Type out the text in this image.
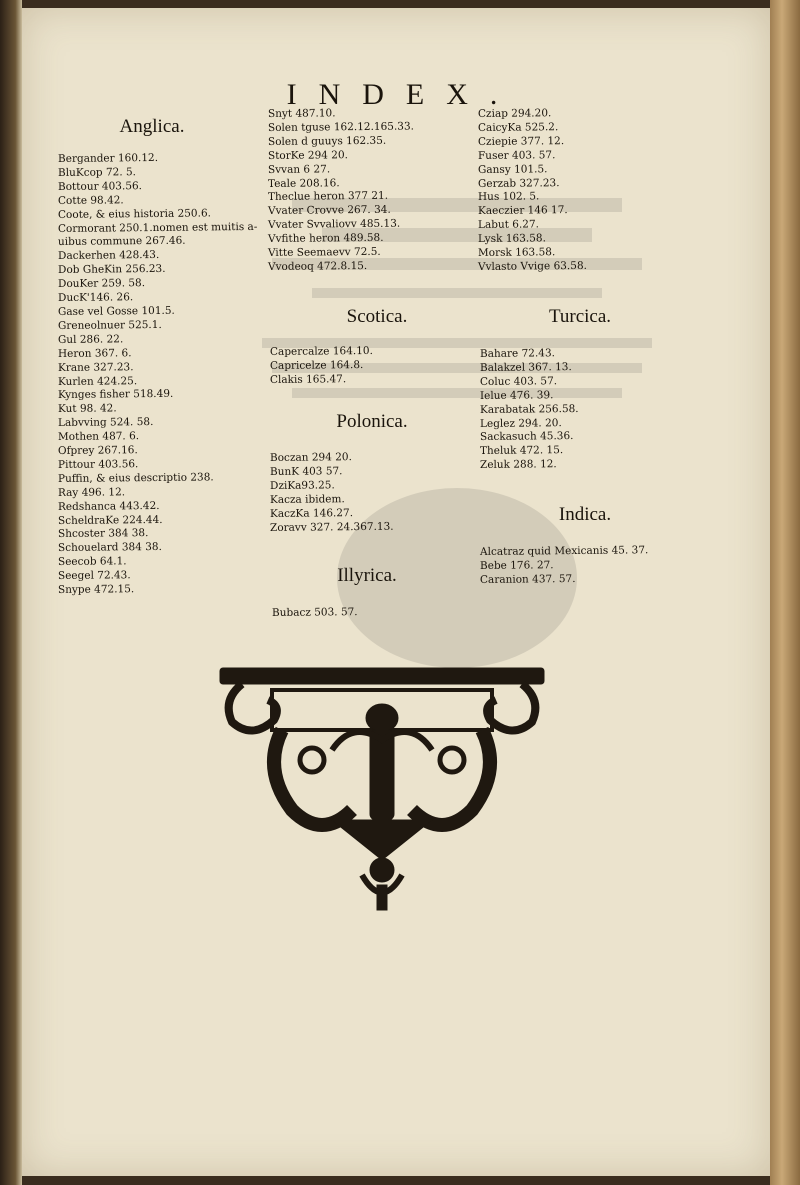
INDEX.
Anglica.
Bergander 160.12.
BluKcop 72. 5.
Bottour 403.56.
Cotte 98.42.
Coote, & eius historia 250.6.
Cormorant 250.1.nomen est muitis a-
uibus commune 267.46.
Dackerhen 428.43.
Dob GheKin 256.23.
DouKer 259. 58.
DucK'146. 26.
Gase vel Gosse 101.5.
Greneolnuer 525.1.
Gul 286. 22.
Heron 367. 6.
Krane 327.23.
Kurlen 424.25.
Kynges fisher 518.49.
Kut 98. 42.
Labvving 524. 58.
Mothen 487. 6.
Ofprey 267.16.
Pittour 403.56.
Puffin, & eius descriptio 238.
Ray 496. 12.
Redshanca 443.42.
ScheldraKe 224.44.
Shcoster 384 38.
Schouelard 384 38.
Seecob 64.1.
Seegel 72.43.
Snype 472.15.
Snyt 487.10.
Solen tguse 162.12.165.33.
Solen d guuys 162.35.
StorKe 294 20.
Svvan 6 27.
Teale 208.16.
Theclue heron 377 21.
Vvater Crovve 267. 34.
Vvater Svvaliovv 485.13.
Vvfithe heron 489.58.
Vitte Seemaevv 72.5.
Vvodeoq 472.8.15.
Scotica.
Capercalze 164.10.
Capricelze 164.8.
Clakis 165.47.
Polonica.
Boczan 294 20.
BunK 403 57.
DziKa93.25.
Kacza ibidem.
KaczKa 146.27.
Zoravv 327. 24.367.13.
Illyrica.
Bubacz 503. 57.
Cziap 294.20.
CaicyKa 525.2.
Cziepie 377. 12.
Fuser 403. 57.
Gansy 101.5.
Gerzab 327.23.
Hus 102. 5.
Kaeczier 146 17.
Labut 6.27.
Lysk 163.58.
Morsk 163.58.
Vvlasto Vvige 63.58.
Turcica.
Bahare 72.43.
Balakzel 367. 13.
Coluc 403. 57.
Ielue 476. 39.
Karabatak 256.58.
Leglez 294. 20.
Sackasuch 45.36.
Theluk 472. 15.
Zeluk 288. 12.
Indica.
Alcatraz quid Mexicanis 45. 37.
Bebe 176. 27.
Caranion 437. 57.
